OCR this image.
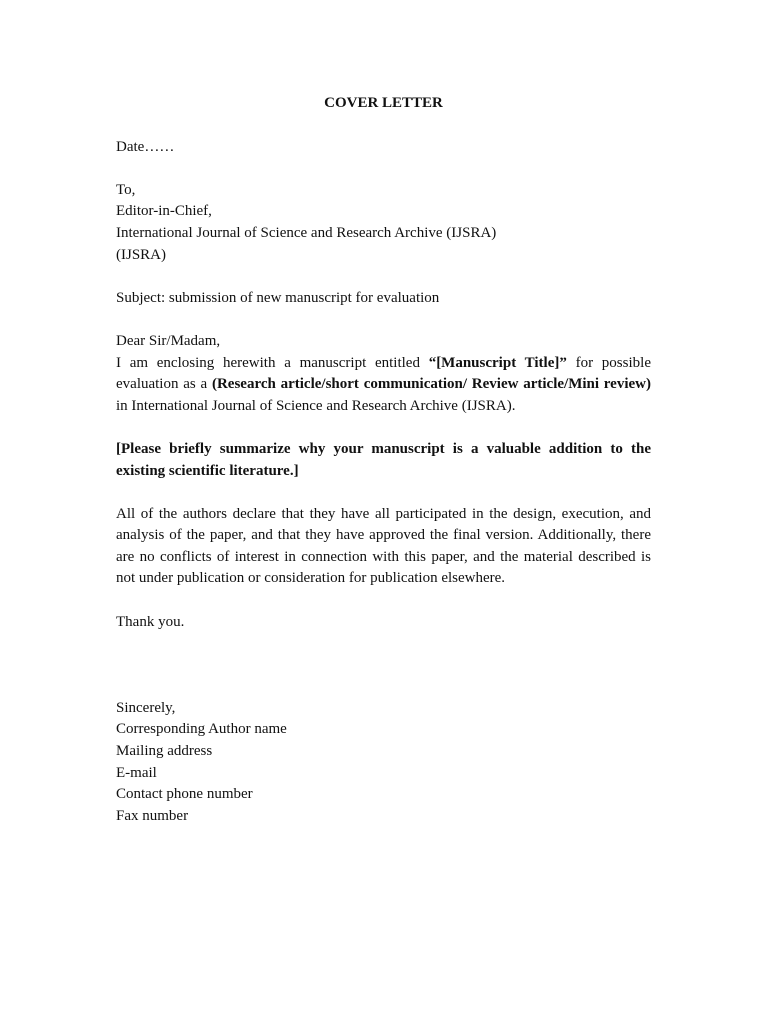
COVER LETTER
Date……
To,
Editor-in-Chief,
International Journal of Science and Research Archive (IJSRA)
(IJSRA)
Subject: submission of new manuscript for evaluation
Dear Sir/Madam,
I am enclosing herewith a manuscript entitled “[Manuscript Title]” for possible evaluation as a (Research article/short communication/ Review article/Mini review) in International Journal of Science and Research Archive (IJSRA).
[Please briefly summarize why your manuscript is a valuable addition to the existing scientific literature.]
All of the authors declare that they have all participated in the design, execution, and analysis of the paper, and that they have approved the final version. Additionally, there are no conflicts of interest in connection with this paper, and the material described is not under publication or consideration for publication elsewhere.
Thank you.
Sincerely,
Corresponding Author name
Mailing address
E-mail
Contact phone number
Fax number
